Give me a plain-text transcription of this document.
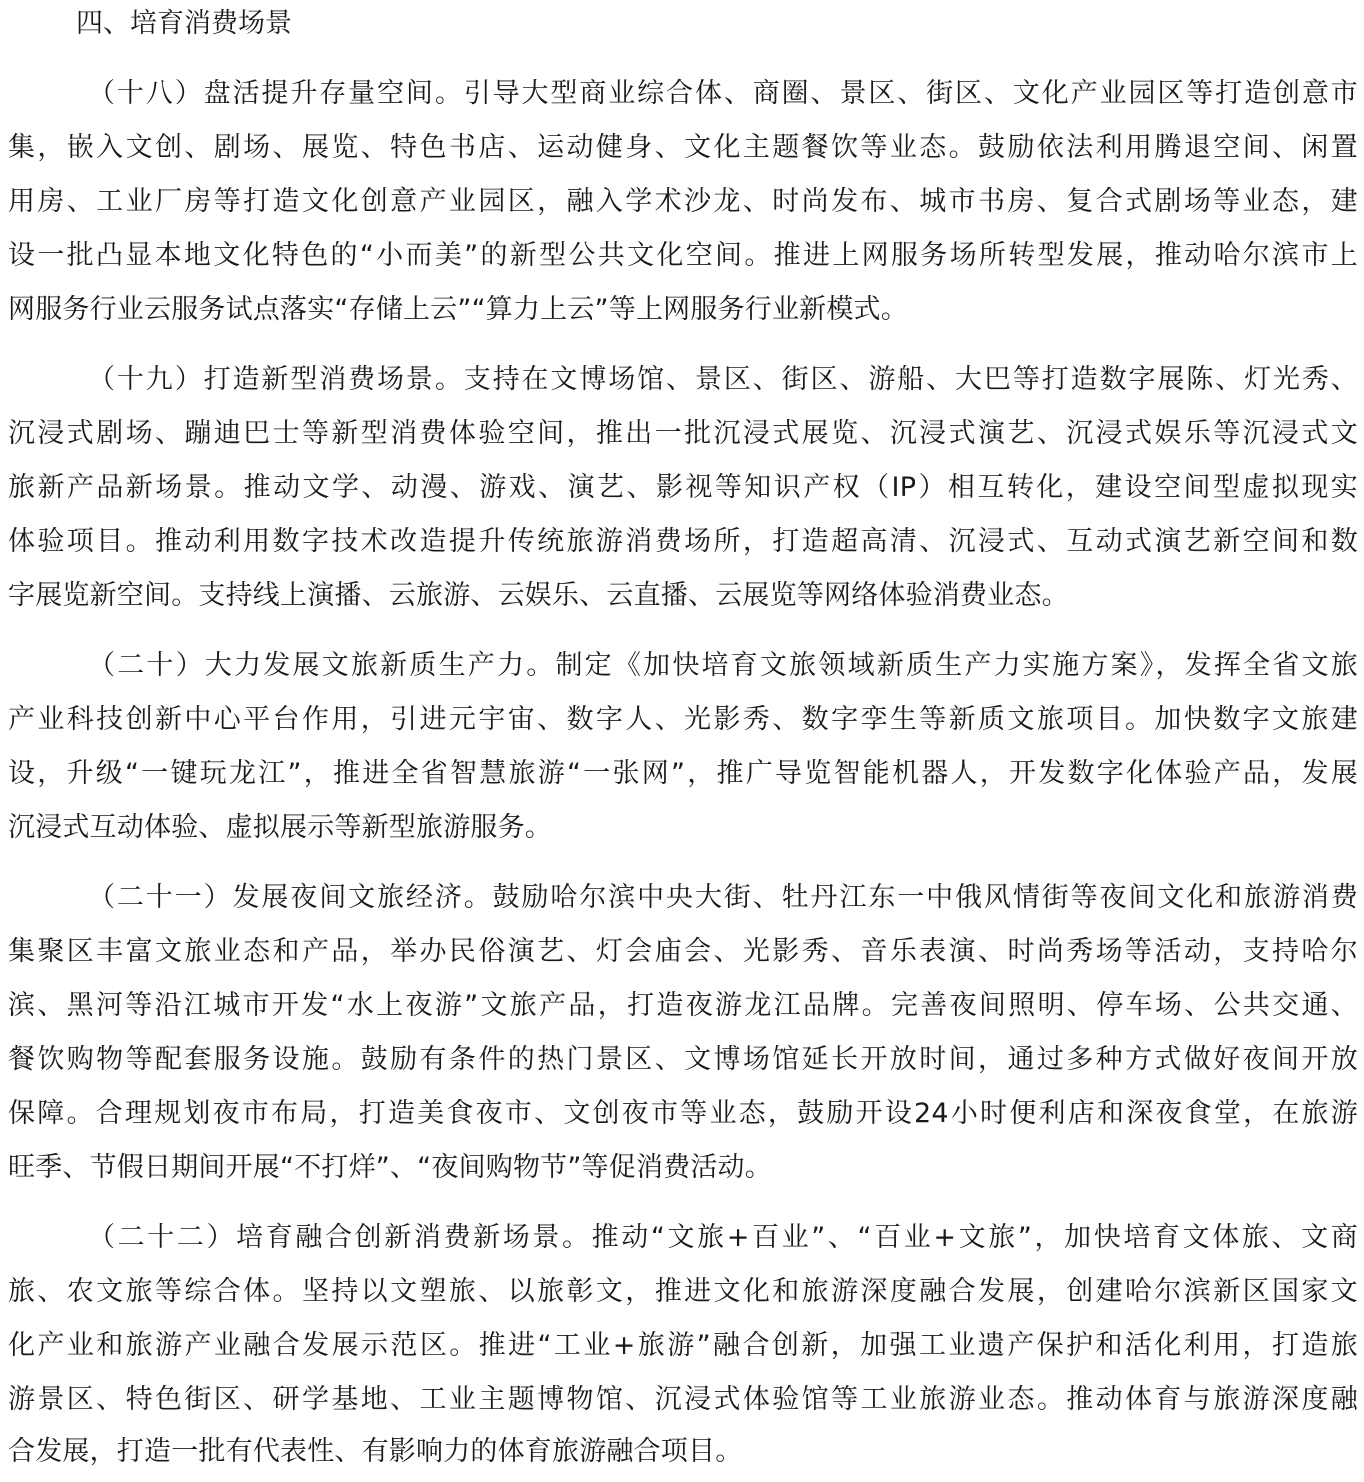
四、培育消费场景
（十八）盘活提升存量空间。引导大型商业综合体、商圈、景区、街区、文化产业园区等打造创意市
集，嵌入文创、剧场、展览、特色书店、运动健身、文化主题餐饮等业态。鼓励依法利用腾退空间、闲置
用房、工业厂房等打造文化创意产业园区，融入学术沙龙、时尚发布、城市书房、复合式剧场等业态，建
设一批凸显本地文化特色的“小而美”的新型公共文化空间。推进上网服务场所转型发展，推动哈尔滨市上
网服务行业云服务试点落实“存储上云”“算力上云”等上网服务行业新模式。
（十九）打造新型消费场景。支持在文博场馆、景区、街区、游船、大巴等打造数字展陈、灯光秀、
沉浸式剧场、蹦迪巴士等新型消费体验空间，推出一批沉浸式展览、沉浸式演艺、沉浸式娱乐等沉浸式文
旅新产品新场景。推动文学、动漫、游戏、演艺、影视等知识产权（IP）相互转化，建设空间型虚拟现实
体验项目。推动利用数字技术改造提升传统旅游消费场所，打造超高清、沉浸式、互动式演艺新空间和数
字展览新空间。支持线上演播、云旅游、云娱乐、云直播、云展览等网络体验消费业态。
（二十）大力发展文旅新质生产力。制定《加快培育文旅领域新质生产力实施方案》，发挥全省文旅
产业科技创新中心平台作用，引进元宇宙、数字人、光影秀、数字孪生等新质文旅项目。加快数字文旅建
设，升级“一键玩龙江”，推进全省智慧旅游“一张网”，推广导览智能机器人，开发数字化体验产品，发展
沉浸式互动体验、虚拟展示等新型旅游服务。
（二十一）发展夜间文旅经济。鼓励哈尔滨中央大街、牡丹江东一中俄风情街等夜间文化和旅游消费
集聚区丰富文旅业态和产品，举办民俗演艺、灯会庙会、光影秀、音乐表演、时尚秀场等活动，支持哈尔
滨、黑河等沿江城市开发“水上夜游”文旅产品，打造夜游龙江品牌。完善夜间照明、停车场、公共交通、
餐饮购物等配套服务设施。鼓励有条件的热门景区、文博场馆延长开放时间，通过多种方式做好夜间开放
保障。合理规划夜市布局，打造美食夜市、文创夜市等业态，鼓励开设24小时便利店和深夜食堂，在旅游
旺季、节假日期间开展“不打烊”、“夜间购物节”等促消费活动。
（二十二）培育融合创新消费新场景。推动“文旅+百业”、“百业+文旅”，加快培育文体旅、文商
旅、农文旅等综合体。坚持以文塑旅、以旅彰文，推进文化和旅游深度融合发展，创建哈尔滨新区国家文
化产业和旅游产业融合发展示范区。推进“工业+旅游”融合创新，加强工业遗产保护和活化利用，打造旅
游景区、特色街区、研学基地、工业主题博物馆、沉浸式体验馆等工业旅游业态。推动体育与旅游深度融
合发展，打造一批有代表性、有影响力的体育旅游融合项目。
